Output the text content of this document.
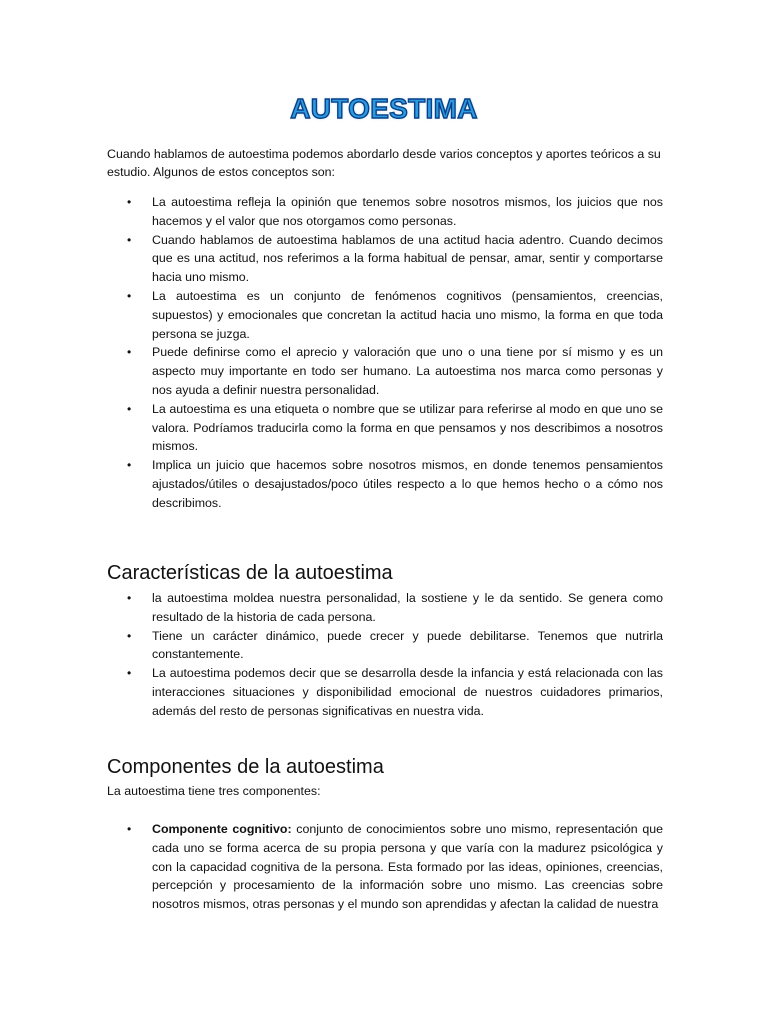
AUTOESTIMA

Cuando hablamos de autoestima podemos abordarlo desde varios conceptos y aportes teóricos a su estudio. Algunos de estos conceptos son:

• La autoestima refleja la opinión que tenemos sobre nosotros mismos, los juicios que nos hacemos y el valor que nos otorgamos como personas.
• Cuando hablamos de autoestima hablamos de una actitud hacia adentro. Cuando decimos que es una actitud, nos referimos a la forma habitual de pensar, amar, sentir y comportarse hacia uno mismo.
• La autoestima es un conjunto de fenómenos cognitivos (pensamientos, creencias, supuestos) y emocionales que concretan la actitud hacia uno mismo, la forma en que toda persona se juzga.
• Puede definirse como el aprecio y valoración que uno o una tiene por sí mismo y es un aspecto muy importante en todo ser humano. La autoestima nos marca como personas y nos ayuda a definir nuestra personalidad.
• La autoestima es una etiqueta o nombre que se utilizar para referirse al modo en que uno se valora. Podríamos traducirla como la forma en que pensamos y nos describimos a nosotros mismos.
• Implica un juicio que hacemos sobre nosotros mismos, en donde tenemos pensamientos ajustados/útiles o desajustados/poco útiles respecto a lo que hemos hecho o a cómo nos describimos.
Características de la autoestima
• la autoestima moldea nuestra personalidad, la sostiene y le da sentido. Se genera como resultado de la historia de cada persona.
• Tiene un carácter dinámico, puede crecer y puede debilitarse. Tenemos que nutrirla constantemente.
• La autoestima podemos decir que se desarrolla desde la infancia y está relacionada con las interacciones situaciones y disponibilidad emocional de nuestros cuidadores primarios, además del resto de personas significativas en nuestra vida.
Componentes de la autoestima

La autoestima tiene tres componentes:

• Componente cognitivo: conjunto de conocimientos sobre uno mismo, representación que cada uno se forma acerca de su propia persona y que varía con la madurez psicológica y con la capacidad cognitiva de la persona. Esta formado por las ideas, opiniones, creencias, percepción y procesamiento de la información sobre uno mismo. Las creencias sobre nosotros mismos, otras personas y el mundo son aprendidas y afectan la calidad de nuestra
